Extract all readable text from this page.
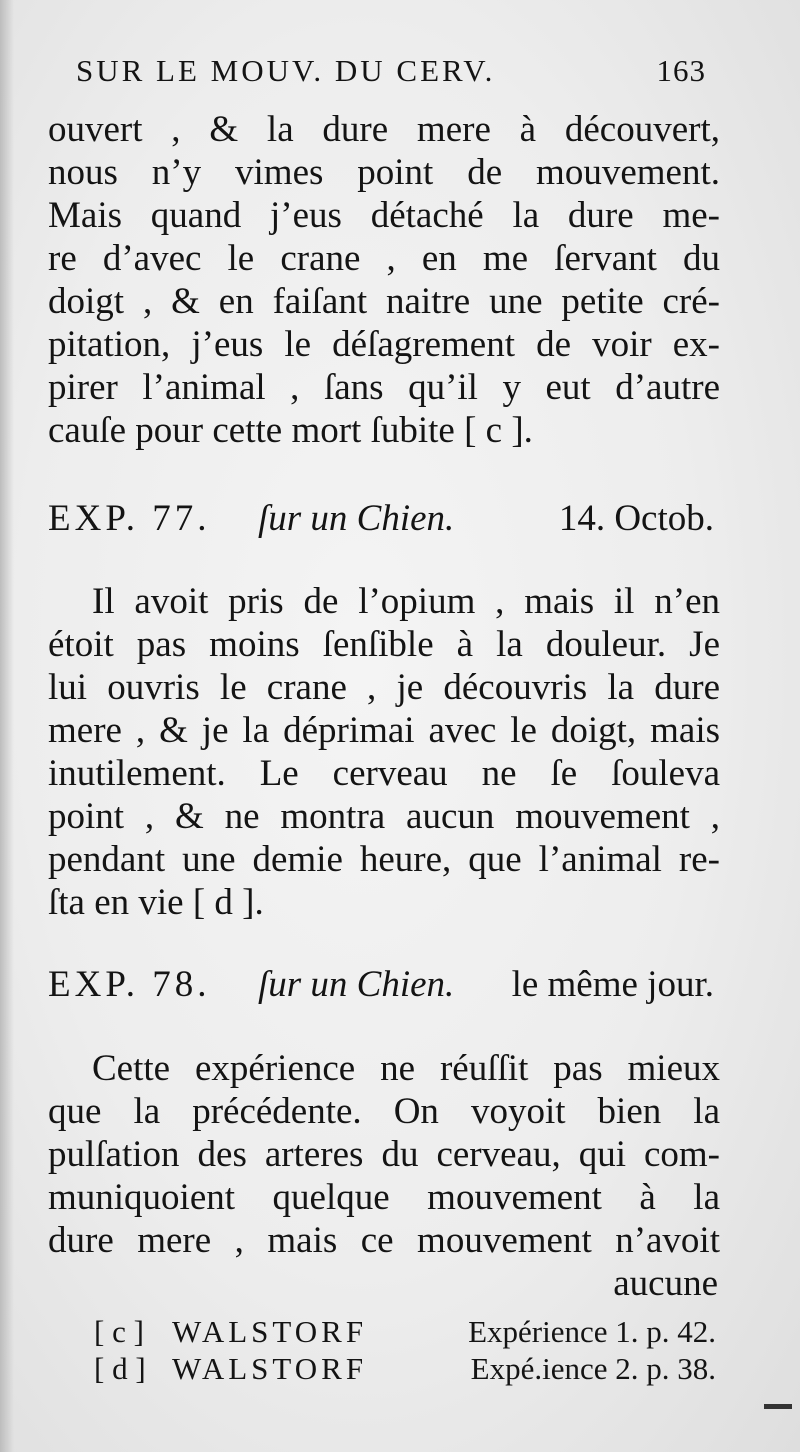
SUR LE MOUV. DU CERV.	163
ouvert , & la dure mere à découvert,
nous n’y vimes point de mouvement.
Mais quand j’eus détaché la dure me-
re d’avec le crane , en me ſervant du
doigt , & en faiſant naitre une petite cré-
pitation, j’eus le déſagrement de voir ex-
pirer l’animal , ſans qu’il y eut d’autre
cauſe pour cette mort ſubite [ c ].
EXP. 77. ſur un Chien.	14. Octob.
Il avoit pris de l’opium , mais il n’en
étoit pas moins ſenſible à la douleur. Je
lui ouvris le crane , je découvris la dure
mere , & je la déprimai avec le doigt, mais
inutilement. Le cerveau ne ſe ſouleva
point , & ne montra aucun mouvement ,
pendant une demie heure, que l’animal re-
ſta en vie [ d ].
EXP. 78. ſur un Chien. le même jour.
Cette expérience ne réuſſit pas mieux
que la précédente. On voyoit bien la
pulſation des arteres du cerveau, qui com-
muniquoient quelque mouvement à la
dure mere , mais ce mouvement n’avoit
aucune
[ c ] WALSTORF	Expérience 1. p. 42.
[ d ] WALSTORF	Expé.ience 2. p. 38.
